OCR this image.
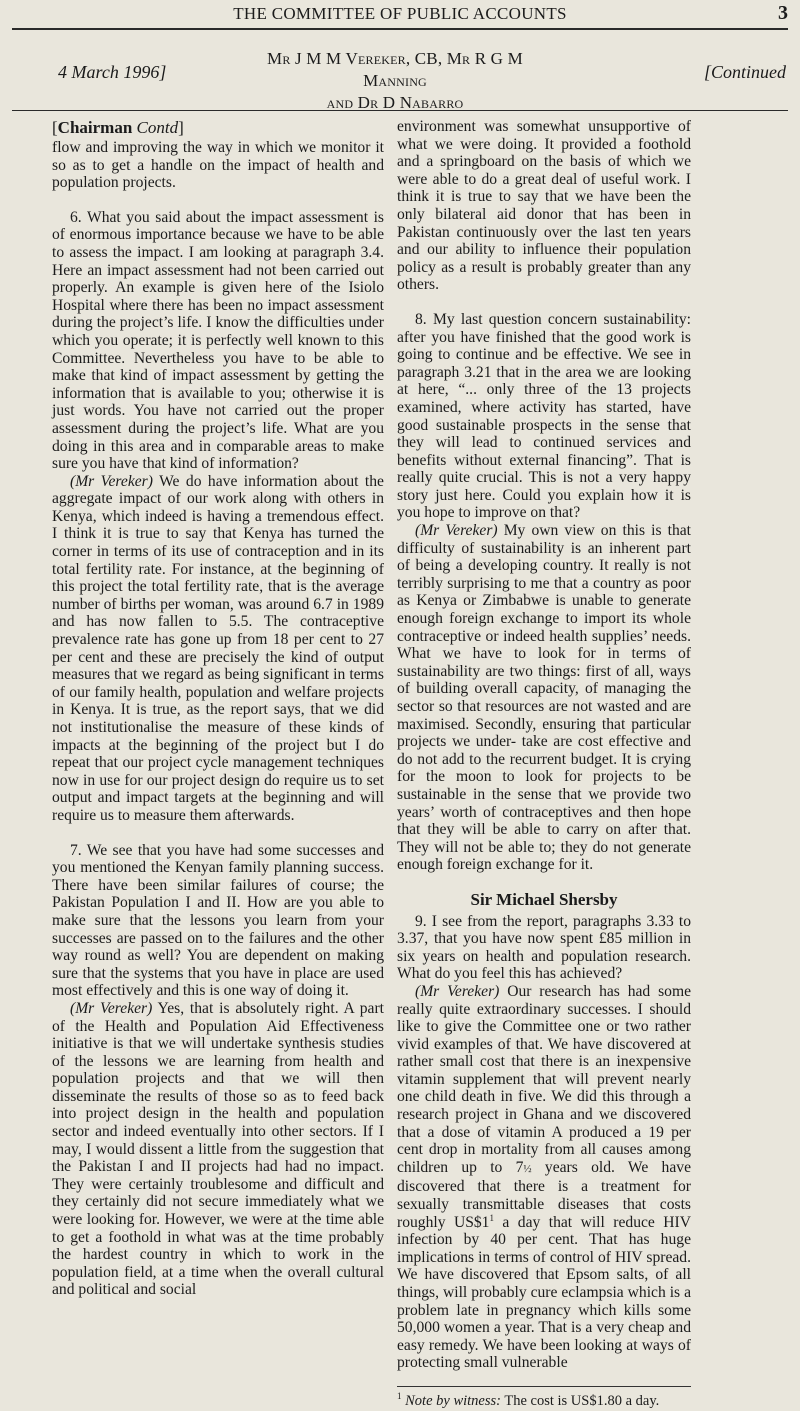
THE COMMITTEE OF PUBLIC ACCOUNTS	3
4 March 1996]
Mr J M M Vereker, CB, Mr R G M Manning
and Dr D Nabarro
[Continued

[Chairman Contd]

flow and improving the way in which we monitor it so as to get a handle on the impact of health and population projects.

6. What you said about the impact assessment is of enormous importance because we have to be able to assess the impact. I am looking at paragraph 3.4. Here an impact assessment had not been carried out properly. An example is given here of the Isiolo Hospital where there has been no impact assessment during the project’s life. I know the difficulties under which you operate; it is perfectly well known to this Committee. Nevertheless you have to be able to make that kind of impact assessment by getting the information that is available to you; otherwise it is just words. You have not carried out the proper assessment during the project’s life. What are you doing in this area and in comparable areas to make sure you have that kind of information?

(Mr Vereker) We do have information about the aggregate impact of our work along with others in Kenya, which indeed is having a tremendous effect. I think it is true to say that Kenya has turned the corner in terms of its use of contraception and in its total fertility rate. For instance, at the beginning of this project the total fertility rate, that is the average number of births per woman, was around 6.7 in 1989 and has now fallen to 5.5. The contraceptive prevalence rate has gone up from 18 per cent to 27 per cent and these are precisely the kind of output measures that we regard as being significant in terms of our family health, population and welfare projects in Kenya. It is true, as the report says, that we did not institutionalise the measure of these kinds of impacts at the beginning of the project but I do repeat that our project cycle management techniques now in use for our project design do require us to set output and impact targets at the beginning and will require us to measure them afterwards.

7. We see that you have had some successes and you mentioned the Kenyan family planning success. There have been similar failures of course; the Pakistan Population I and II. How are you able to make sure that the lessons you learn from your successes are passed on to the failures and the other way round as well? You are dependent on making sure that the systems that you have in place are used most effectively and this is one way of doing it.

(Mr Vereker) Yes, that is absolutely right. A part of the Health and Population Aid Effectiveness initiative is that we will undertake synthesis studies of the lessons we are learning from health and population projects and that we will then disseminate the results of those so as to feed back into project design in the health and population sector and indeed eventually into other sectors. If I may, I would dissent a little from the suggestion that the Pakistan I and II projects had had no impact. They were certainly troublesome and difficult and they certainly did not secure immediately what we were looking for. However, we were at the time able to get a foothold in what was at the time probably the hardest country in which to work in the population field, at a time when the overall cultural and political and social

environment was somewhat unsupportive of what we were doing. It provided a foothold and a springboard on the basis of which we were able to do a great deal of useful work. I think it is true to say that we have been the only bilateral aid donor that has been in Pakistan continuously over the last ten years and our ability to influence their population policy as a result is probably greater than any others.

8. My last question concern sustainability: after you have finished that the good work is going to continue and be effective. We see in paragraph 3.21 that in the area we are looking at here, “... only three of the 13 projects examined, where activity has started, have good sustainable prospects in the sense that they will lead to continued services and benefits without external financing”. That is really quite crucial. This is not a very happy story just here. Could you explain how it is you hope to improve on that?

(Mr Vereker) My own view on this is that difficulty of sustainability is an inherent part of being a developing country. It really is not terribly surprising to me that a country as poor as Kenya or Zimbabwe is unable to generate enough foreign exchange to import its whole contraceptive or indeed health supplies’ needs. What we have to look for in terms of sustainability are two things: first of all, ways of building overall capacity, of managing the sector so that resources are not wasted and are maximised. Secondly, ensuring that particular projects we under- take are cost effective and do not add to the recurrent budget. It is crying for the moon to look for projects to be sustainable in the sense that we provide two years’ worth of contraceptives and then hope that they will be able to carry on after that. They will not be able to; they do not generate enough foreign exchange for it.

Sir Michael Shersby

9. I see from the report, paragraphs 3.33 to 3.37, that you have now spent £85 million in six years on health and population research. What do you feel this has achieved?

(Mr Vereker) Our research has had some really quite extraordinary successes. I should like to give the Committee one or two rather vivid examples of that. We have discovered at rather small cost that there is an inexpensive vitamin supplement that will prevent nearly one child death in five. We did this through a research project in Ghana and we discovered that a dose of vitamin A produced a 19 per cent drop in mortality from all causes among children up to 7½ years old. We have discovered that there is a treatment for sexually transmittable diseases that costs roughly $US\$1^1$ a day that will reduce HIV infection by 40 per cent. That has huge implications in terms of control of HIV spread. We have discovered that Epsom salts, of all things, will probably cure eclampsia which is a problem late in pregnancy which kills some 50,000 women a year. That is a very cheap and easy remedy. We have been looking at ways of protecting small vulnerable

$^1$ Note by witness: The cost is US$1.80 a day.
